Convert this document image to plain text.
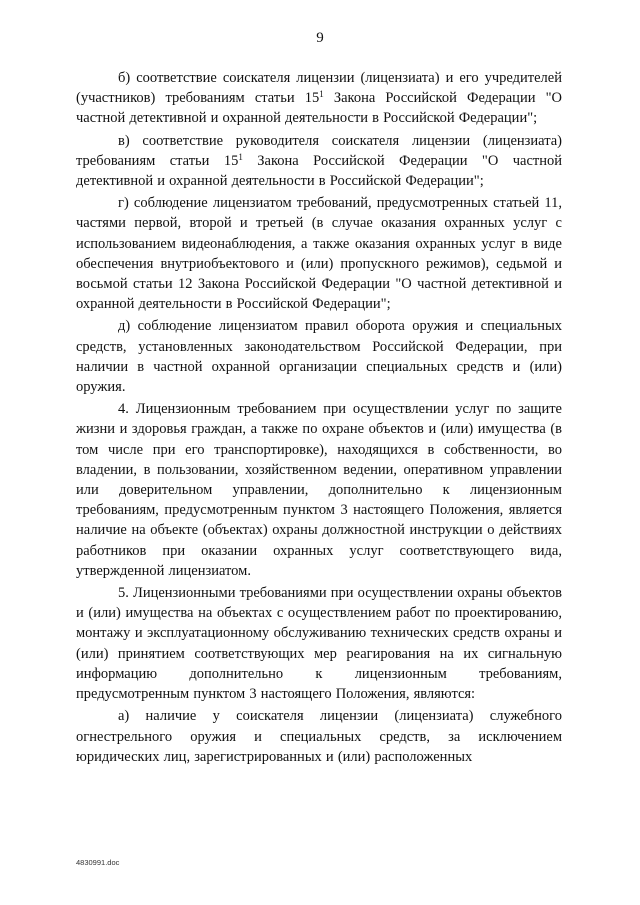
9

б) соответствие соискателя лицензии (лицензиата) и его учредителей (участников) требованиям статьи $15^1$ Закона Российской Федерации "О частной детективной и охранной деятельности в Российской Федерации";

в) соответствие руководителя соискателя лицензии (лицензиата) требованиям статьи $15^1$ Закона Российской Федерации "О частной детективной и охранной деятельности в Российской Федерации";

г) соблюдение лицензиатом требований, предусмотренных статьей 11, частями первой, второй и третьей (в случае оказания охранных услуг с использованием видеонаблюдения, а также оказания охранных услуг в виде обеспечения внутриобъектового и (или) пропускного режимов), седьмой и восьмой статьи 12 Закона Российской Федерации "О частной детективной и охранной деятельности в Российской Федерации";

д) соблюдение лицензиатом правил оборота оружия и специальных средств, установленных законодательством Российской Федерации, при наличии в частной охранной организации специальных средств и (или) оружия.

4. Лицензионным требованием при осуществлении услуг по защите жизни и здоровья граждан, а также по охране объектов и (или) имущества (в том числе при его транспортировке), находящихся в собственности, во владении, в пользовании, хозяйственном ведении, оперативном управлении или доверительном управлении, дополнительно к лицензионным требованиям, предусмотренным пунктом 3 настоящего Положения, является наличие на объекте (объектах) охраны должностной инструкции о действиях работников при оказании охранных услуг соответствующего вида, утвержденной лицензиатом.

5. Лицензионными требованиями при осуществлении охраны объектов и (или) имущества на объектах с осуществлением работ по проектированию, монтажу и эксплуатационному обслуживанию технических средств охраны и (или) принятием соответствующих мер реагирования на их сигнальную информацию дополнительно к лицензионным требованиям, предусмотренным пунктом 3 настоящего Положения, являются:

а) наличие у соискателя лицензии (лицензиата) служебного огнестрельного оружия и специальных средств, за исключением юридических лиц, зарегистрированных и (или) расположенных

4830991.doc
